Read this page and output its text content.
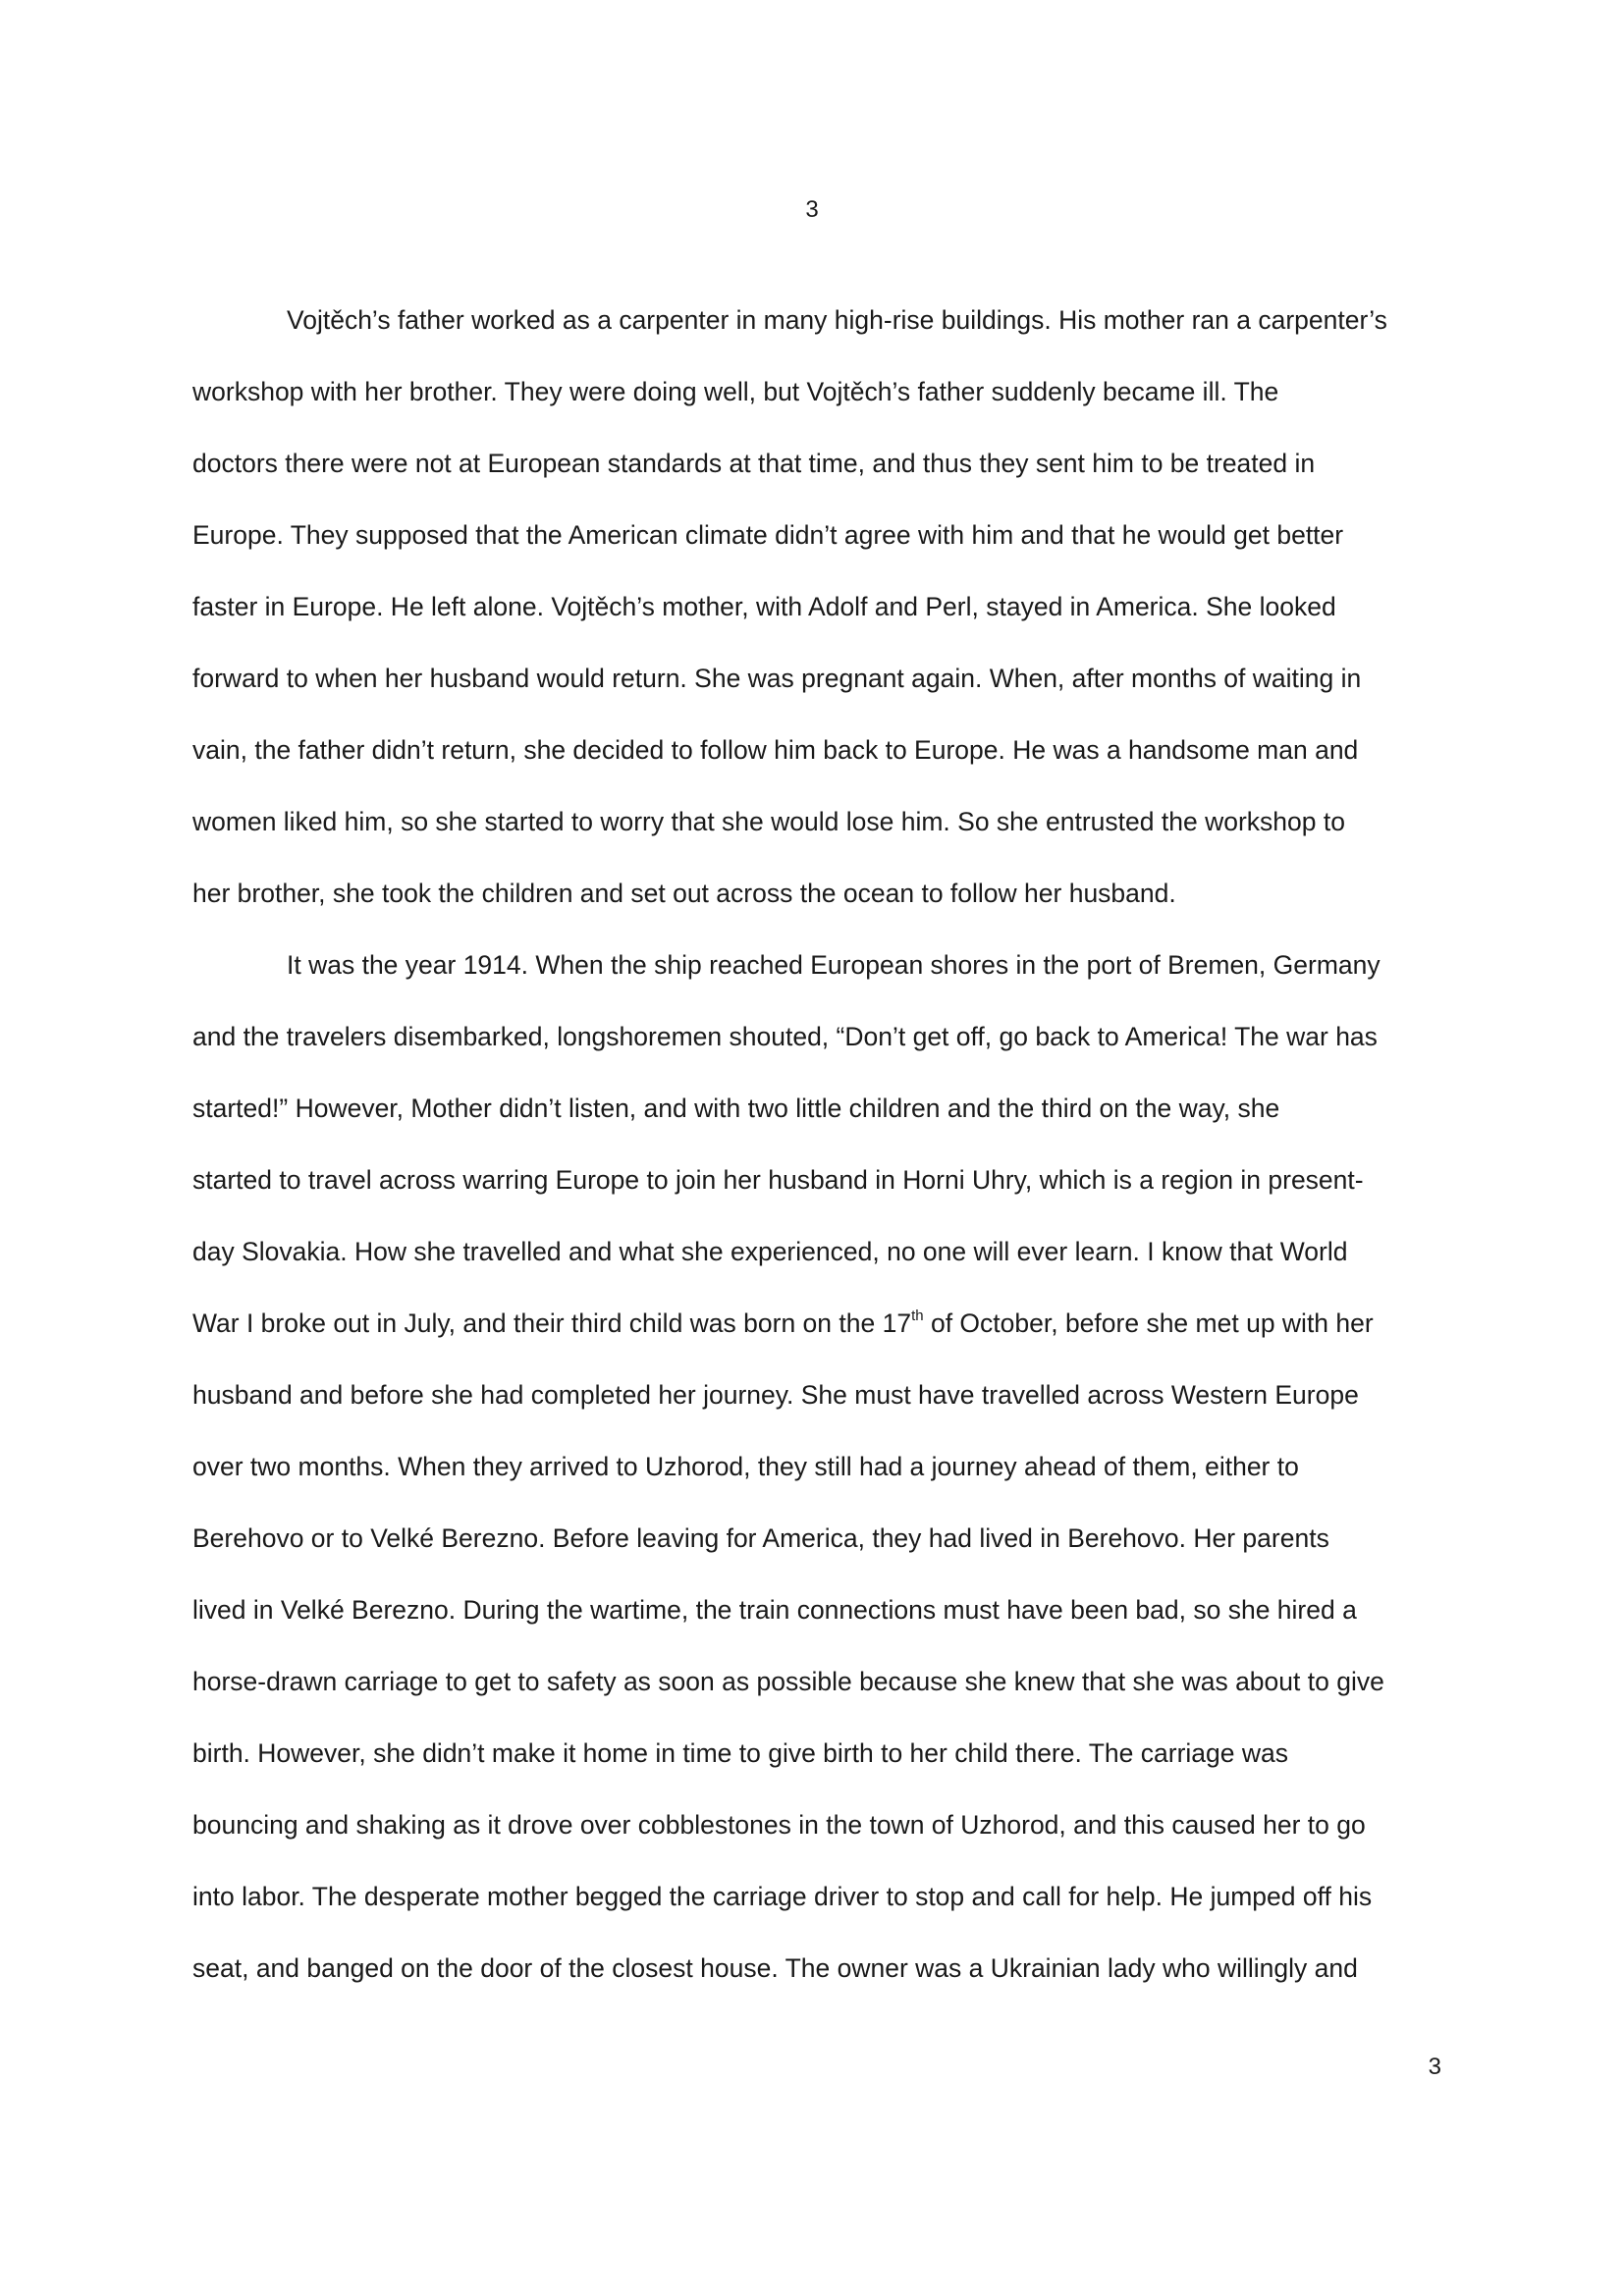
3
Vojtěch’s father worked as a carpenter in many high-rise buildings. His mother ran a carpenter’s
workshop with her brother. They were doing well, but Vojtěch’s father suddenly became ill. The
doctors there were not at European standards at that time, and thus they sent him to be treated in
Europe. They supposed that the American climate didn’t agree with him and that he would get better
faster in Europe. He left alone. Vojtěch’s mother, with Adolf and Perl, stayed in America. She looked
forward to when her husband would return. She was pregnant again. When, after months of waiting in
vain, the father didn’t return, she decided to follow him back to Europe. He was a handsome man and
women liked him, so she started to worry that she would lose him. So she entrusted the workshop to
her brother, she took the children and set out across the ocean to follow her husband.
It was the year 1914. When the ship reached European shores in the port of Bremen, Germany
and the travelers disembarked, longshoremen shouted, “Don’t get off, go back to America! The war has
started!” However, Mother didn’t listen, and with two little children and the third on the way, she
started to travel across warring Europe to join her husband in Horni Uhry, which is a region in present-
day Slovakia. How she travelled and what she experienced, no one will ever learn. I know that World
War I broke out in July, and their third child was born on the 17th of October, before she met up with her
husband and before she had completed her journey. She must have travelled across Western Europe
over two months. When they arrived to Uzhorod, they still had a journey ahead of them, either to
Berehovo or to Velké Berezno. Before leaving for America, they had lived in Berehovo. Her parents
lived in Velké Berezno. During the wartime, the train connections must have been bad, so she hired a
horse-drawn carriage to get to safety as soon as possible because she knew that she was about to give
birth. However, she didn’t make it home in time to give birth to her child there. The carriage was
bouncing and shaking as it drove over cobblestones in the town of Uzhorod, and this caused her to go
into labor. The desperate mother begged the carriage driver to stop and call for help. He jumped off his
seat, and banged on the door of the closest house. The owner was a Ukrainian lady who willingly and
3
